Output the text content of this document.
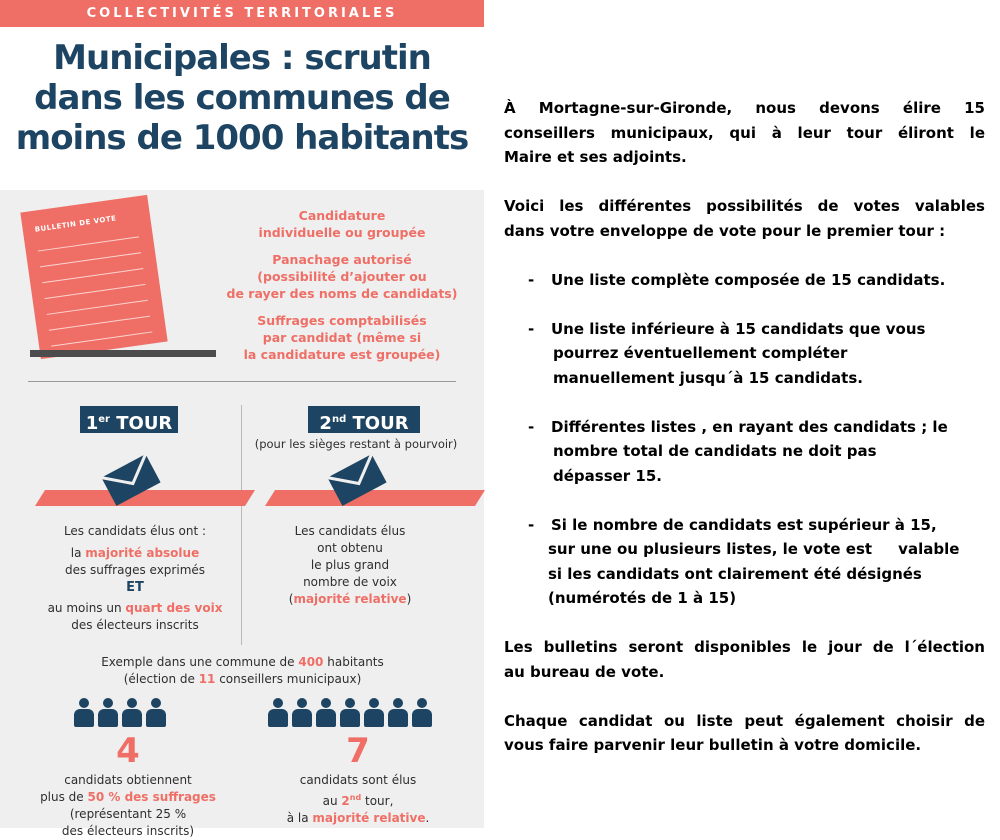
COLLECTIVITÉS TERRITORIALES
Municipales : scrutin
dans les communes de
moins de 1000 habitants
BULLETIN DE VOTE	Candidature
individuelle ou groupée
Panachage autorisé
(possibilité d’ajouter ou
de rayer des noms de candidats)
Suffrages comptabilisés
par candidat (même si
la candidature est groupée)
1er TOUR	2nd TOUR
(pour les sièges restant à pourvoir)
Les candidats élus ont :
la majorité absolue
des suffrages exprimés
ET
au moins un quart des voix
des électeurs inscrits
Les candidats élus
ont obtenu
le plus grand
nombre de voix
(majorité relative)
Exemple dans une commune de 400 habitants
(élection de 11 conseillers municipaux)
4	7
candidats obtiennent
plus de 50 % des suffrages
(représentant 25 %
des électeurs inscrits)
candidats sont élus
au 2nd tour,
à la majorité relative.

À Mortagne-sur-Gironde, nous devons élire 15

conseillers municipaux, qui à leur tour éliront le

Maire et ses adjoints.

Voici les différentes possibilités de votes valables

dans votre enveloppe de vote pour le premier tour :

-	Une liste complète composée de 15 candidats.
-	Une liste inférieure à 15 candidats que vous
pourrez éventuellement compléter
manuellement jusqu´à 15 candidats.
-	Différentes listes , en rayant des candidats ; le
nombre total de candidats ne doit pas
dépasser 15.
-	Si le nombre de candidats est supérieur à 15,
sur une ou plusieurs listes, le vote est     valable
si les candidats ont clairement été désignés
(numérotés de 1 à 15)

Les bulletins seront disponibles le jour de l´élection

au bureau de vote.

Chaque candidat ou liste peut également choisir de

vous faire parvenir leur bulletin à votre domicile.
